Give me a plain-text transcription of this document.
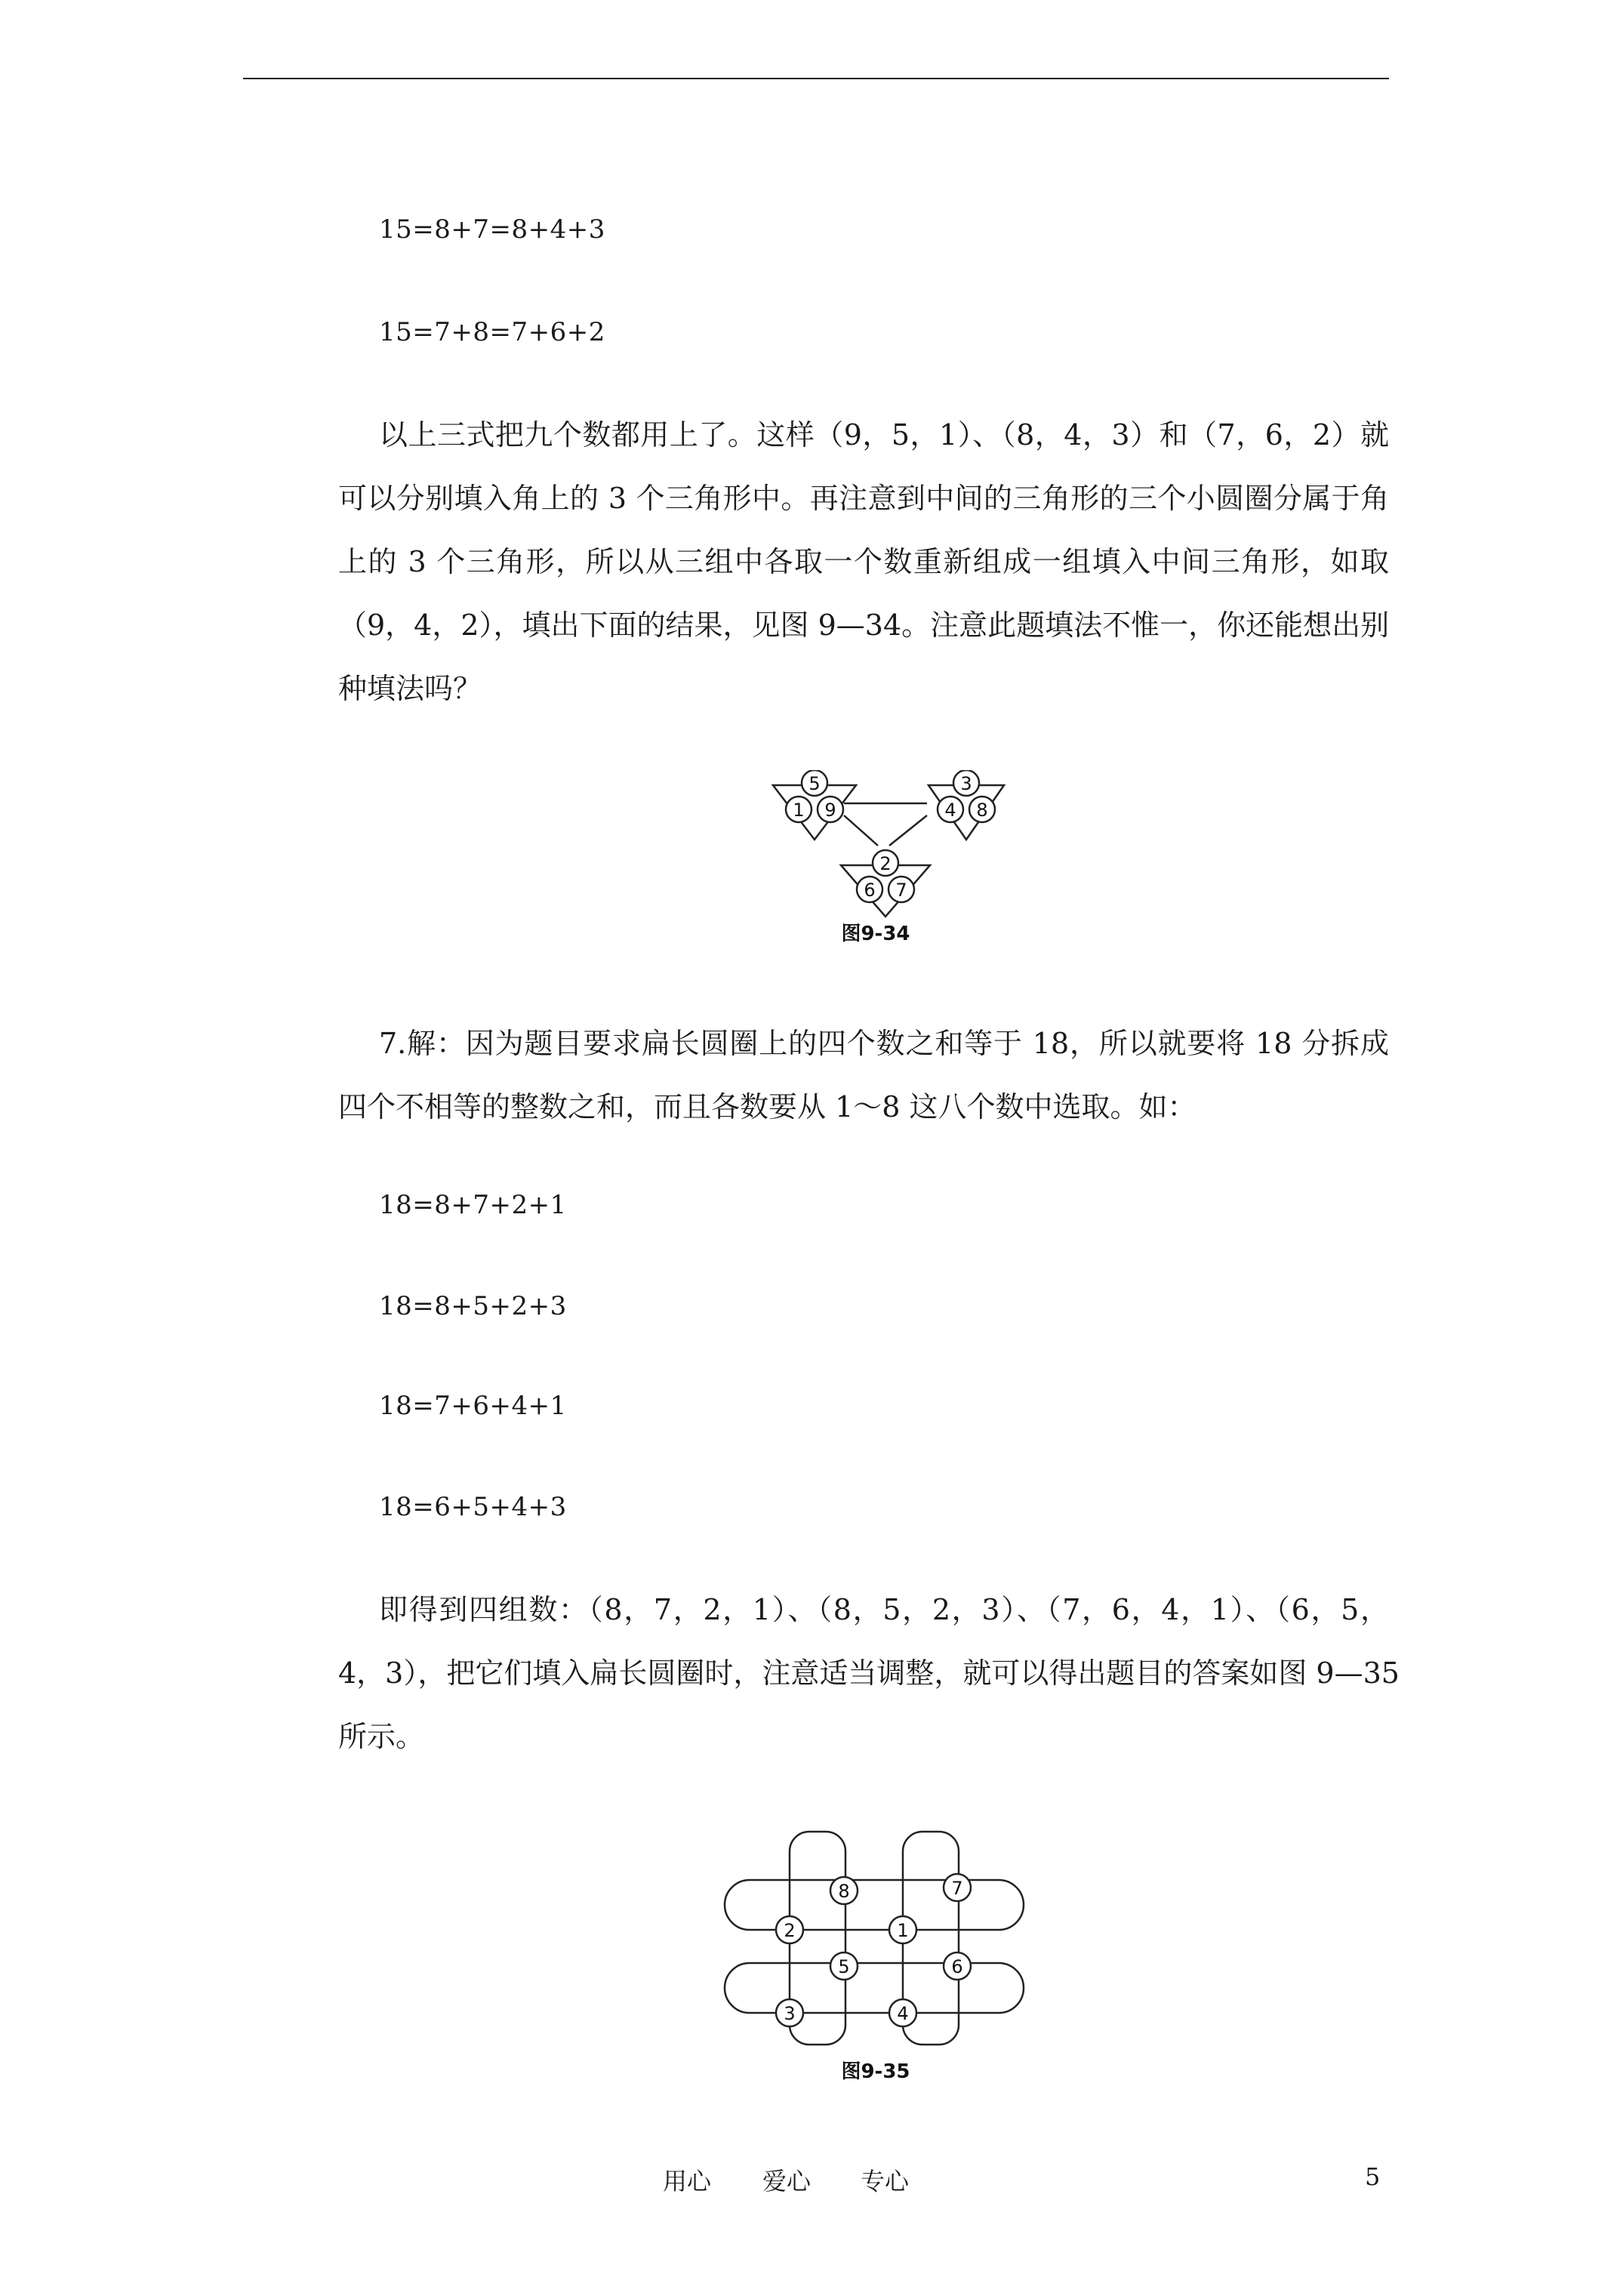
15=8+7=8+4+3
15=7+8=7+6+2
以上三式把九个数都用上了。这样（9，5，1）、（8，4，3）和（7，6，2）就
可以分别填入角上的 3 个三角形中。再注意到中间的三角形的三个小圆圈分属于角
上的 3 个三角形，所以从三组中各取一个数重新组成一组填入中间三角形，如取
（9，4，2），填出下面的结果，见图 9—34。注意此题填法不惟一，你还能想出别
种填法吗？
5
1 9
3
4 8
2
6 7
图9-34
7.解：因为题目要求扁长圆圈上的四个数之和等于 18，所以就要将 18 分拆成
四个不相等的整数之和，而且各数要从 1～8 这八个数中选取。如：
18=8+7+2+1
18=8+5+2+3
18=7+6+4+1
18=6+5+4+3
即得到四组数：（8，7，2，1）、（8，5，2，3）、（7，6，4，1）、（6，5，
4，3），把它们填入扁长圆圈时，注意适当调整，就可以得出题目的答案如图 9—35
所示。
8	7
2	1
5	6
3	4
图9-35
用心 爱心 专心	5
